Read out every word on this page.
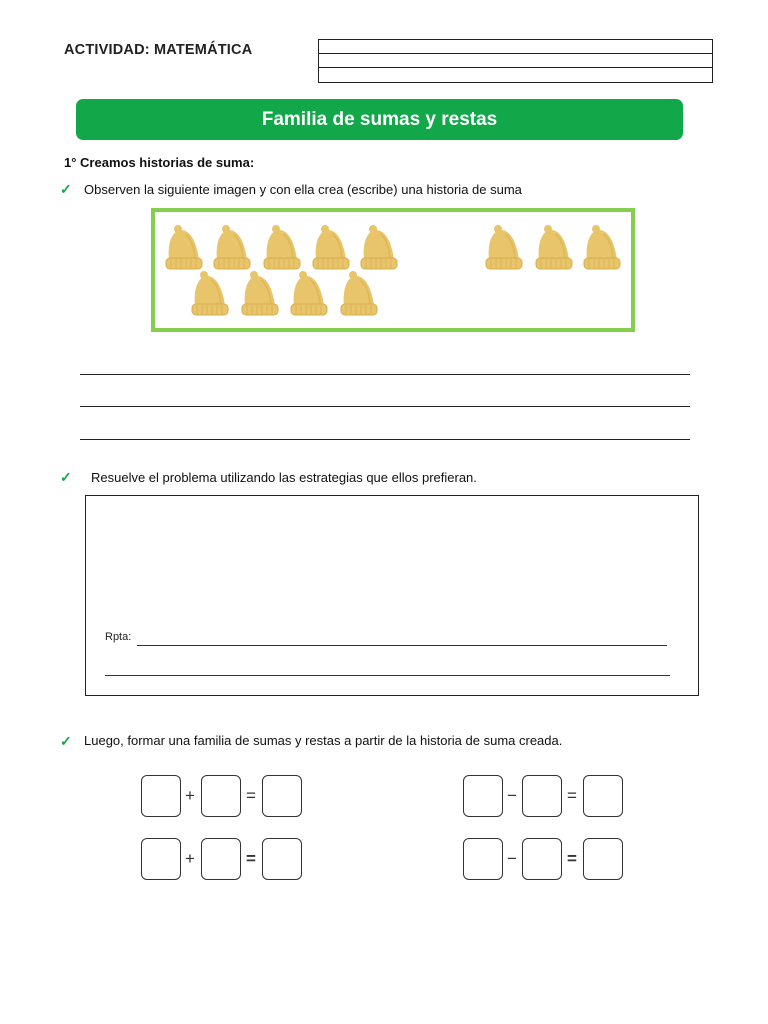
ACTIVIDAD: MATEMÁTICA
Familia de sumas y restas
1° Creamos historias de suma:
✓ Observen la siguiente imagen y con ella crea (escribe) una historia de suma
✓ Resuelve el problema utilizando las estrategias que ellos prefieran.
Rpta:
✓ Luego, formar una familia de sumas y restas a partir de la historia de suma creada.
+	=	−	=
+	=	−	=
